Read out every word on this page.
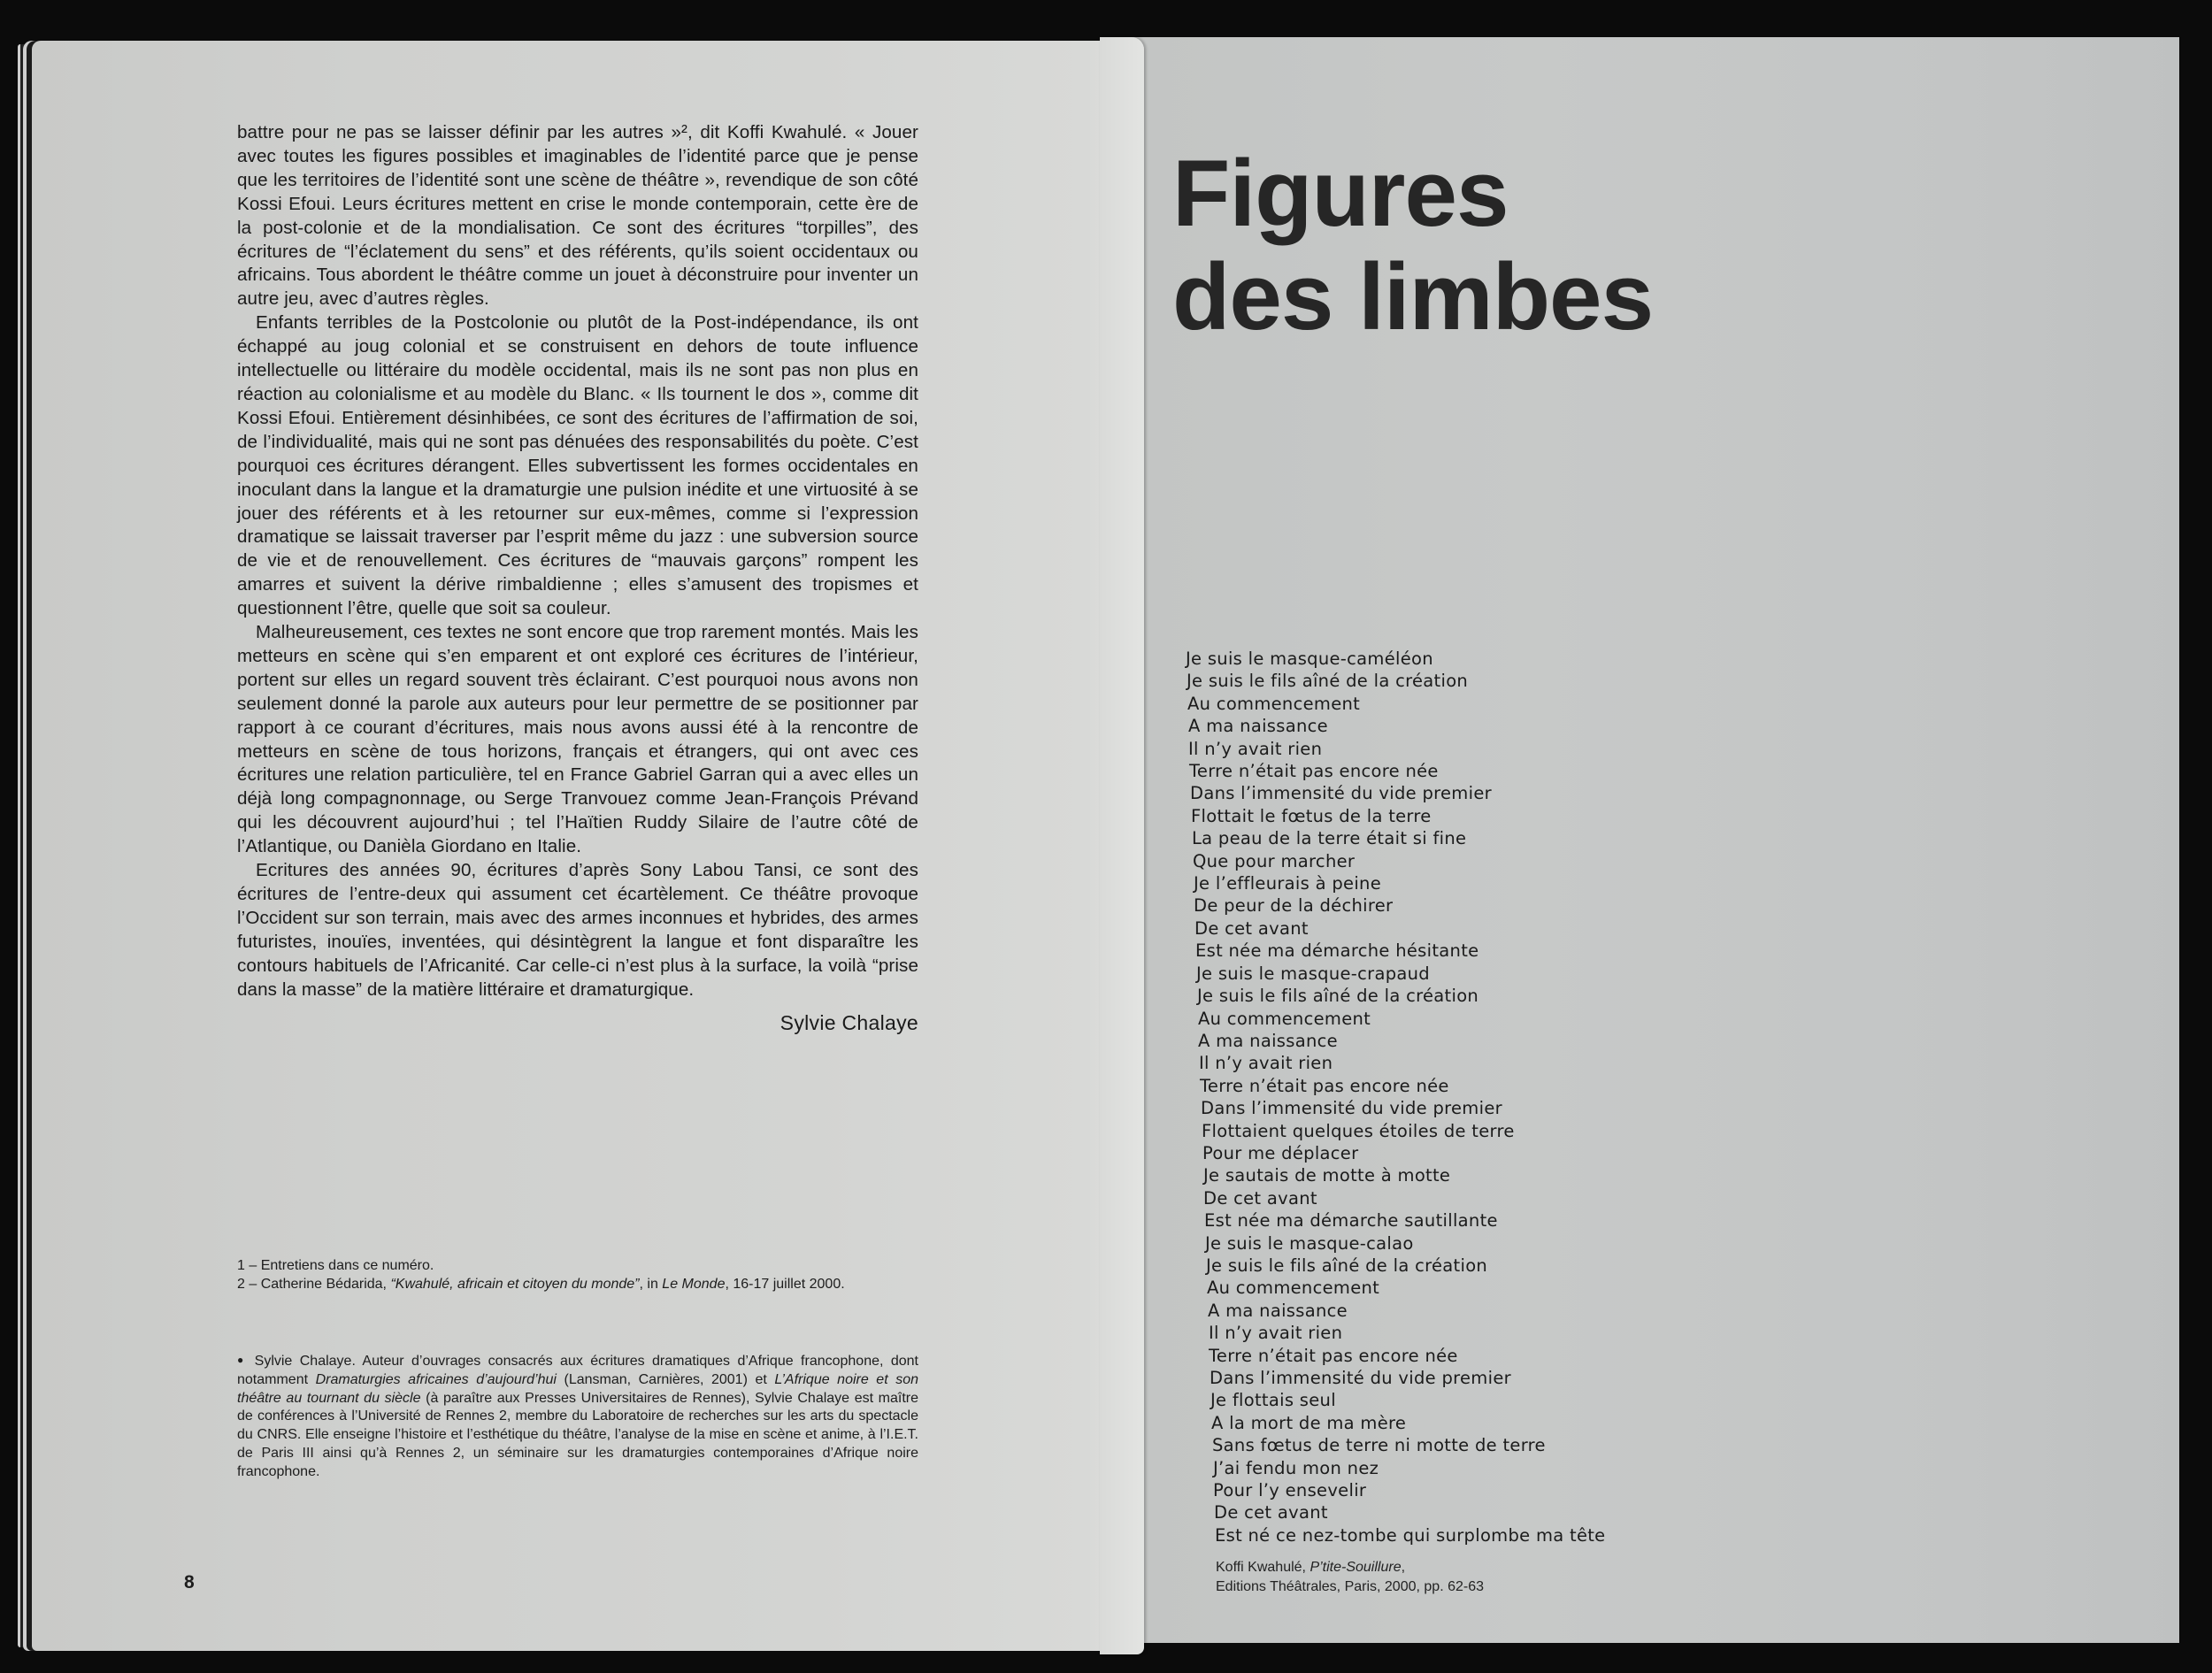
battre pour ne pas se laisser définir par les autres »², dit Koffi Kwahulé. « Jouer avec toutes les figures possibles et imaginables de l’identité parce que je pense que les territoires de l’identité sont une scène de théâtre », revendique de son côté Kossi Efoui. Leurs écritures mettent en crise le monde contemporain, cette ère de la post-colonie et de la mondialisation. Ce sont des écritures “torpilles”, des écritures de “l’éclatement du sens” et des référents, qu’ils soient occidentaux ou africains. Tous abordent le théâtre comme un jouet à déconstruire pour inventer un autre jeu, avec d’autres règles.

Enfants terribles de la Postcolonie ou plutôt de la Post-indépendance, ils ont échappé au joug colonial et se construisent en dehors de toute influence intellectuelle ou littéraire du modèle occidental, mais ils ne sont pas non plus en réaction au colonialisme et au modèle du Blanc. « Ils tournent le dos », comme dit Kossi Efoui. Entièrement désinhibées, ce sont des écritures de l’affirmation de soi, de l’individualité, mais qui ne sont pas dénuées des responsabilités du poète. C’est pourquoi ces écritures dérangent. Elles subvertissent les formes occidentales en inoculant dans la langue et la dramaturgie une pulsion inédite et une virtuosité à se jouer des référents et à les retourner sur eux-mêmes, comme si l’expression dramatique se laissait traverser par l’esprit même du jazz : une subversion source de vie et de renouvellement. Ces écritures de “mauvais garçons” rompent les amarres et suivent la dérive rimbaldienne ; elles s’amusent des tropismes et questionnent l’être, quelle que soit sa couleur.

Malheureusement, ces textes ne sont encore que trop rarement montés. Mais les metteurs en scène qui s’en emparent et ont exploré ces écritures de l’intérieur, portent sur elles un regard souvent très éclairant. C’est pourquoi nous avons non seulement donné la parole aux auteurs pour leur permettre de se positionner par rapport à ce courant d’écritures, mais nous avons aussi été à la rencontre de metteurs en scène de tous horizons, français et étrangers, qui ont avec ces écritures une relation particulière, tel en France Gabriel Garran qui a avec elles un déjà long compagnonnage, ou Serge Tranvouez comme Jean-François Prévand qui les découvrent aujourd’hui ; tel l’Haïtien Ruddy Silaire de l’autre côté de l’Atlantique, ou Danièla Giordano en Italie.

Ecritures des années 90, écritures d’après Sony Labou Tansi, ce sont des écritures de l’entre-deux qui assument cet écartèlement. Ce théâtre provoque l’Occident sur son terrain, mais avec des armes inconnues et hybrides, des armes futuristes, inouïes, inventées, qui désintègrent la langue et font disparaître les contours habituels de l’Africanité. Car celle-ci n’est plus à la surface, la voilà “prise dans la masse” de la matière littéraire et dramaturgique.

Sylvie Chalaye
1 – Entretiens dans ce numéro.
2 – Catherine Bédarida, “Kwahulé, africain et citoyen du monde”, in Le Monde, 16-17 juillet 2000.
● Sylvie Chalaye. Auteur d’ouvrages consacrés aux écritures dramatiques d’Afrique francophone, dont notamment Dramaturgies africaines d’aujourd’hui (Lansman, Carnières, 2001) et L’Afrique noire et son théâtre au tournant du siècle (à paraître aux Presses Universitaires de Rennes), Sylvie Chalaye est maître de conférences à l’Université de Rennes 2, membre du Laboratoire de recherches sur les arts du spectacle du CNRS. Elle enseigne l’histoire et l’esthétique du théâtre, l’analyse de la mise en scène et anime, à l’I.E.T. de Paris III ainsi qu’à Rennes 2, un séminaire sur les dramaturgies contemporaines d’Afrique noire francophone.
8
Figures
des limbes
Je suis le masque-caméléon
Je suis le fils aîné de la création
Au commencement
A ma naissance
Il n’y avait rien
Terre n’était pas encore née
Dans l’immensité du vide premier
Flottait le fœtus de la terre
La peau de la terre était si fine
Que pour marcher
Je l’effleurais à peine
De peur de la déchirer
De cet avant
Est née ma démarche hésitante
Je suis le masque-crapaud
Je suis le fils aîné de la création
Au commencement
A ma naissance
Il n’y avait rien
Terre n’était pas encore née
Dans l’immensité du vide premier
Flottaient quelques étoiles de terre
Pour me déplacer
Je sautais de motte à motte
De cet avant
Est née ma démarche sautillante
Je suis le masque-calao
Je suis le fils aîné de la création
Au commencement
A ma naissance
Il n’y avait rien
Terre n’était pas encore née
Dans l’immensité du vide premier
Je flottais seul
A la mort de ma mère
Sans fœtus de terre ni motte de terre
J’ai fendu mon nez
Pour l’y ensevelir
De cet avant
Est né ce nez-tombe qui surplombe ma tête
Koffi Kwahulé, P’tite-Souillure,
Editions Théâtrales, Paris, 2000, pp. 62-63
